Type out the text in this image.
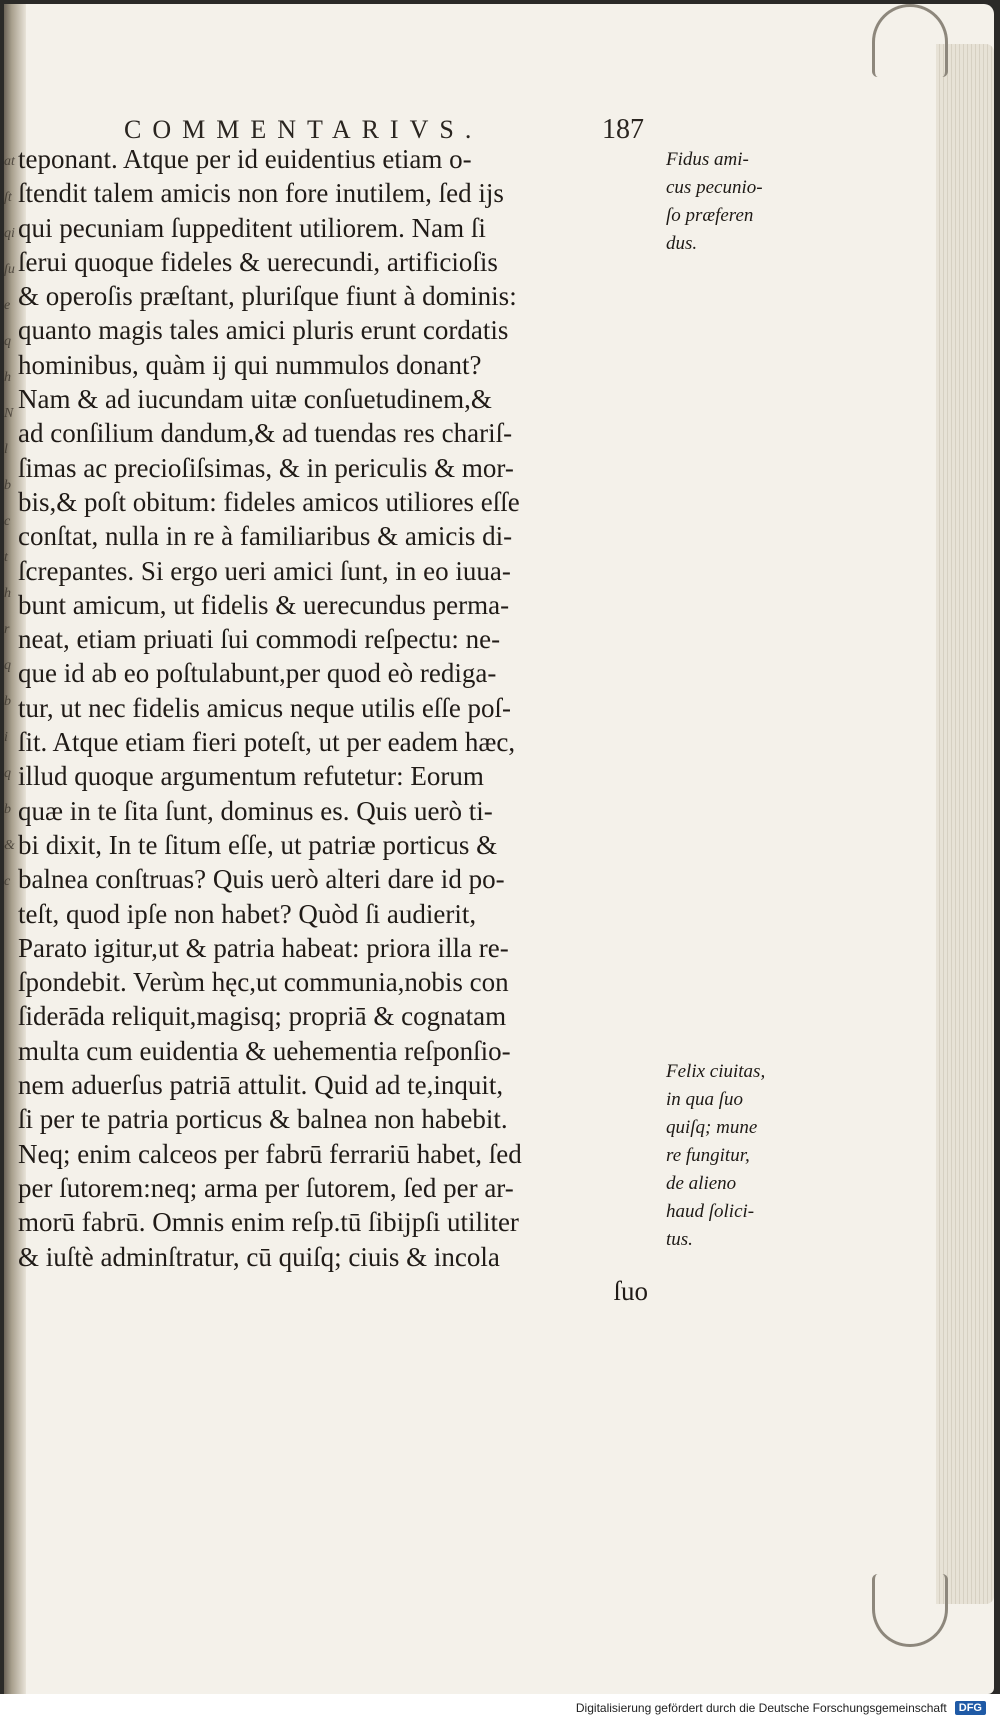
at
ſt
qi
ſu
e
q
h
N
l
b
c
t
h
r
q
b
i
q
b
&
c
COMMENTARIVS.	187
teponant. Atque per id euidentius etiam o-
ſtendit talem amicis non fore inutilem, ſed ijs
qui pecuniam ſuppeditent utiliorem. Nam ſi
ſerui quoque fideles & uerecundi, artificioſis
& operoſis præſtant, pluriſque fiunt à dominis:
quanto magis tales amici pluris erunt cordatis
hominibus, quàm ij qui nummulos donant?
Nam & ad iucundam uitæ conſuetudinem,&
ad conſilium dandum,& ad tuendas res chariſ-
ſimas ac precioſiſsimas, & in periculis & mor-
bis,& poſt obitum: fideles amicos utiliores eſſe
conſtat, nulla in re à familiaribus & amicis di-
ſcrepantes. Si ergo ueri amici ſunt, in eo iuua-
bunt amicum, ut fidelis & uerecundus perma-
neat, etiam priuati ſui commodi reſpectu: ne-
que id ab eo poſtulabunt,per quod eò rediga-
tur, ut nec fidelis amicus neque utilis eſſe poſ-
ſit. Atque etiam fieri poteſt, ut per eadem hæc,
illud quoque argumentum refutetur: Eorum
quæ in te ſita ſunt, dominus es. Quis uerò ti-
bi dixit, In te ſitum eſſe, ut patriæ porticus &
balnea conſtruas? Quis uerò alteri dare id po-
teſt, quod ipſe non habet? Quòd ſi audierit,
Parato igitur,ut & patria habeat: priora illa re-
ſpondebit. Verùm hęc,ut communia,nobis con
ſiderāda reliquit,magisq; propriā & cognatam
multa cum euidentia & uehementia reſponſio-
nem aduerſus patriā attulit. Quid ad te,inquit,
ſi per te patria porticus & balnea non habebit.
Neq; enim calceos per fabrū ferrariū habet, ſed
per ſutorem:neq; arma per ſutorem, ſed per ar-
morū fabrū. Omnis enim reſp.tū ſibijpſi utiliter
& iuſtè adminſtratur, cū quiſq; ciuis & incola
ſuo
Fidus ami-
cus pecunio-
ſo præferen
dus.
Felix ciuitas,
in qua ſuo
quiſq; mune
re fungitur,
de alieno
haud ſolici-
tus.
Digitalisierung gefördert durch die Deutsche Forschungsgemeinschaft	DFG
